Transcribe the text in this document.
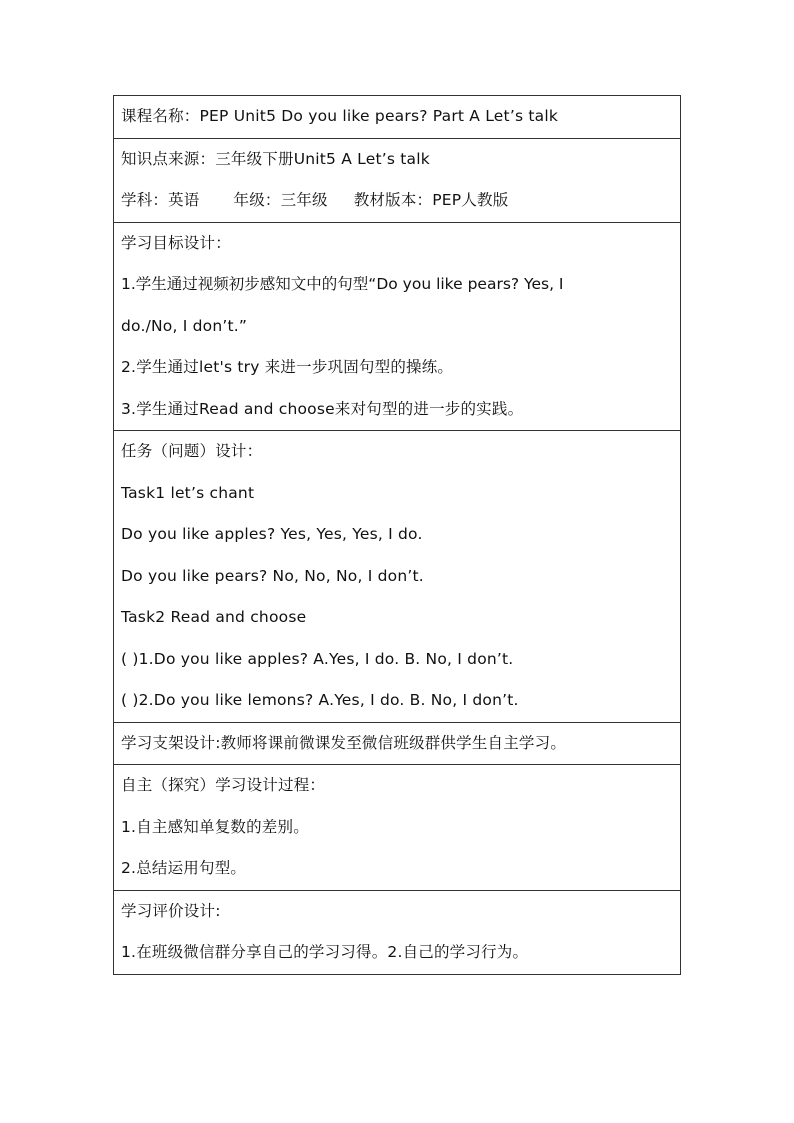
课程名称：PEP Unit5 Do you like pears? Part A Let’s talk
知识点来源：三年级下册Unit5 A Let’s talk
学科：英语 年级：三年级 教材版本：PEP人教版
学习目标设计：
1.学生通过视频初步感知文中的句型“Do you like pears? Yes, I
do./No, I don’t.”
2.学生通过let's try 来进一步巩固句型的操练。
3.学生通过Read and choose来对句型的进一步的实践。
任务（问题）设计：
Task1 let’s chant
Do you like apples? Yes, Yes, Yes, I do.
Do you like pears? No, No, No, I don’t.
Task2 Read and choose
( )1.Do you like apples? A.Yes, I do. B. No, I don’t.
( )2.Do you like lemons? A.Yes, I do. B. No, I don’t.
学习支架设计:教师将课前微课发至微信班级群供学生自主学习。
自主（探究）学习设计过程：
1.自主感知单复数的差别。
2.总结运用句型。
学习评价设计:
1.在班级微信群分享自己的学习习得。2.自己的学习行为。
